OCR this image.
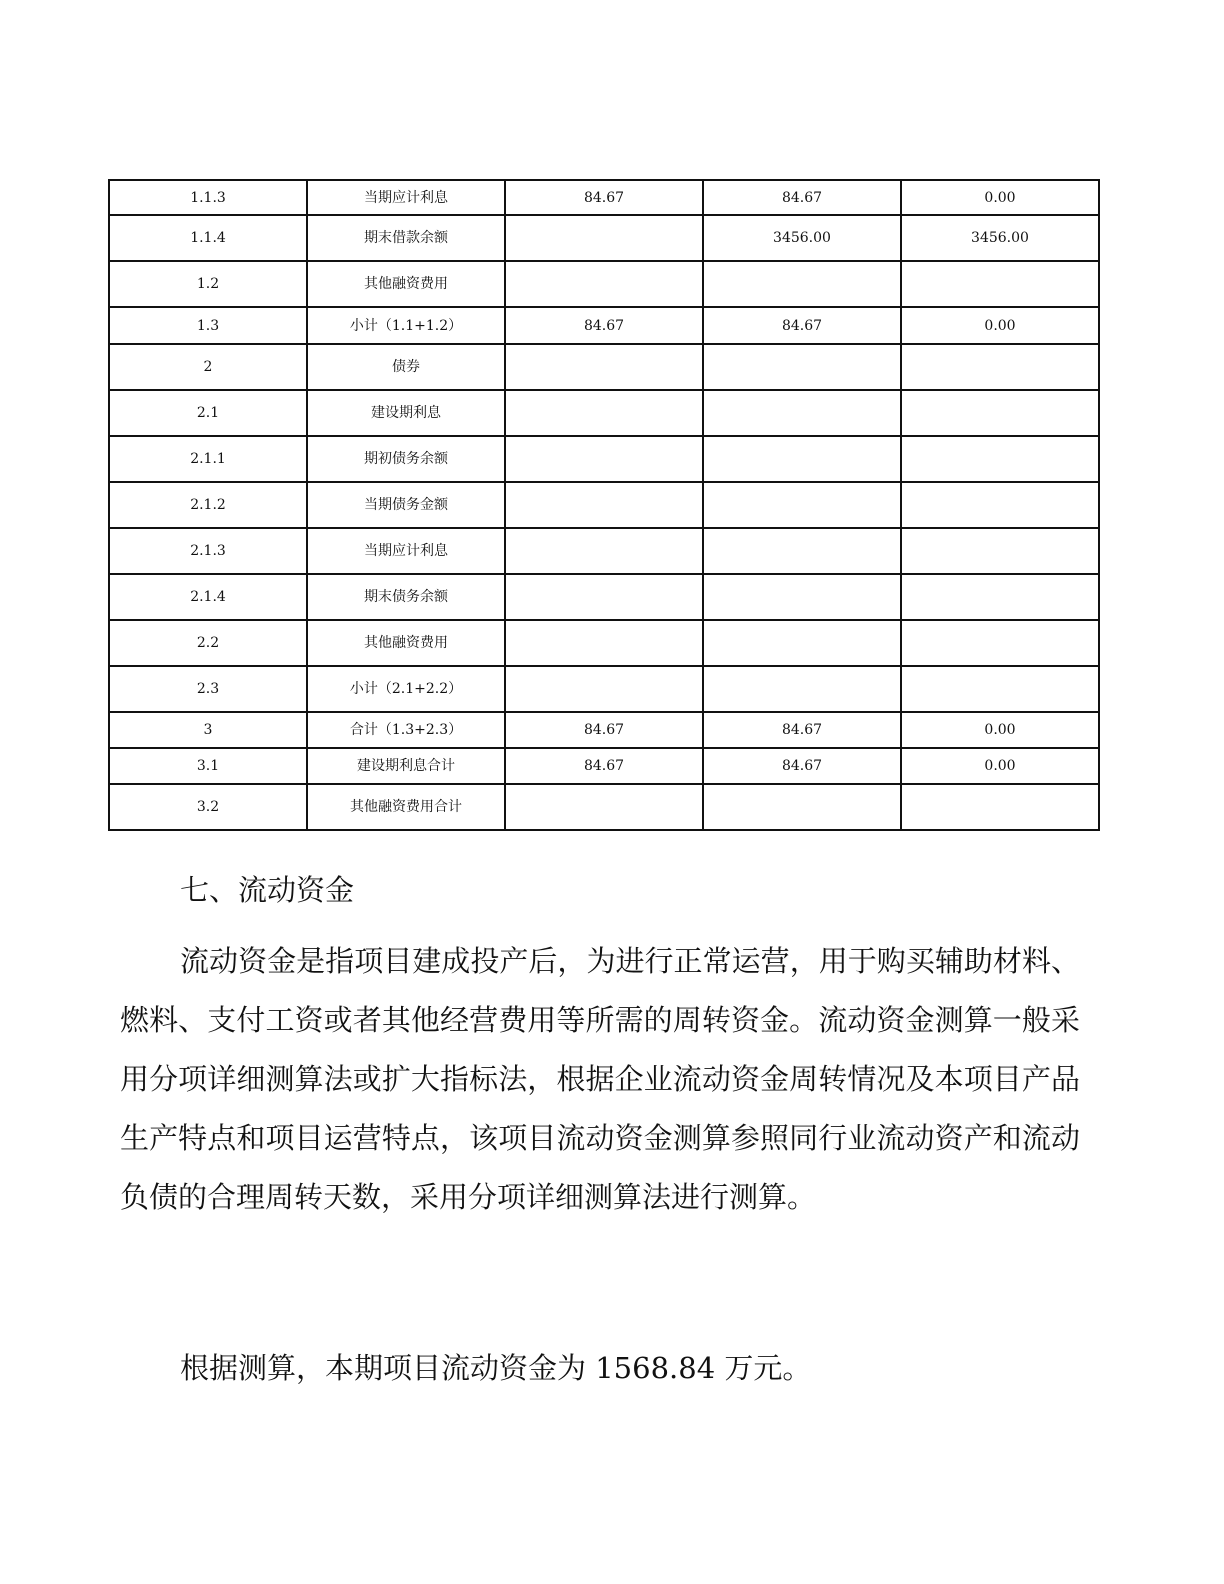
1.1.3	当期应计利息	84.67	84.67	0.00
1.1.4	期末借款余额		3456.00	3456.00
1.2	其他融资费用			
1.3	小计（1.1+1.2）	84.67	84.67	0.00
2	债券			
2.1	建设期利息			
2.1.1	期初债务余额			
2.1.2	当期债务金额			
2.1.3	当期应计利息			
2.1.4	期末债务余额			
2.2	其他融资费用			
2.3	小计（2.1+2.2）			
3	合计（1.3+2.3）	84.67	84.67	0.00
3.1	建设期利息合计	84.67	84.67	0.00
3.2	其他融资费用合计			
七、流动资金

流动资金是指项目建成投产后，为进行正常运营，用于购买辅助材料、燃料、支付工资或者其他经营费用等所需的周转资金。流动资金测算一般采用分项详细测算法或扩大指标法，根据企业流动资金周转情况及本项目产品生产特点和项目运营特点，该项目流动资金测算参照同行业流动资产和流动负债的合理周转天数，采用分项详细测算法进行测算。

根据测算，本期项目流动资金为 1568.84 万元。
